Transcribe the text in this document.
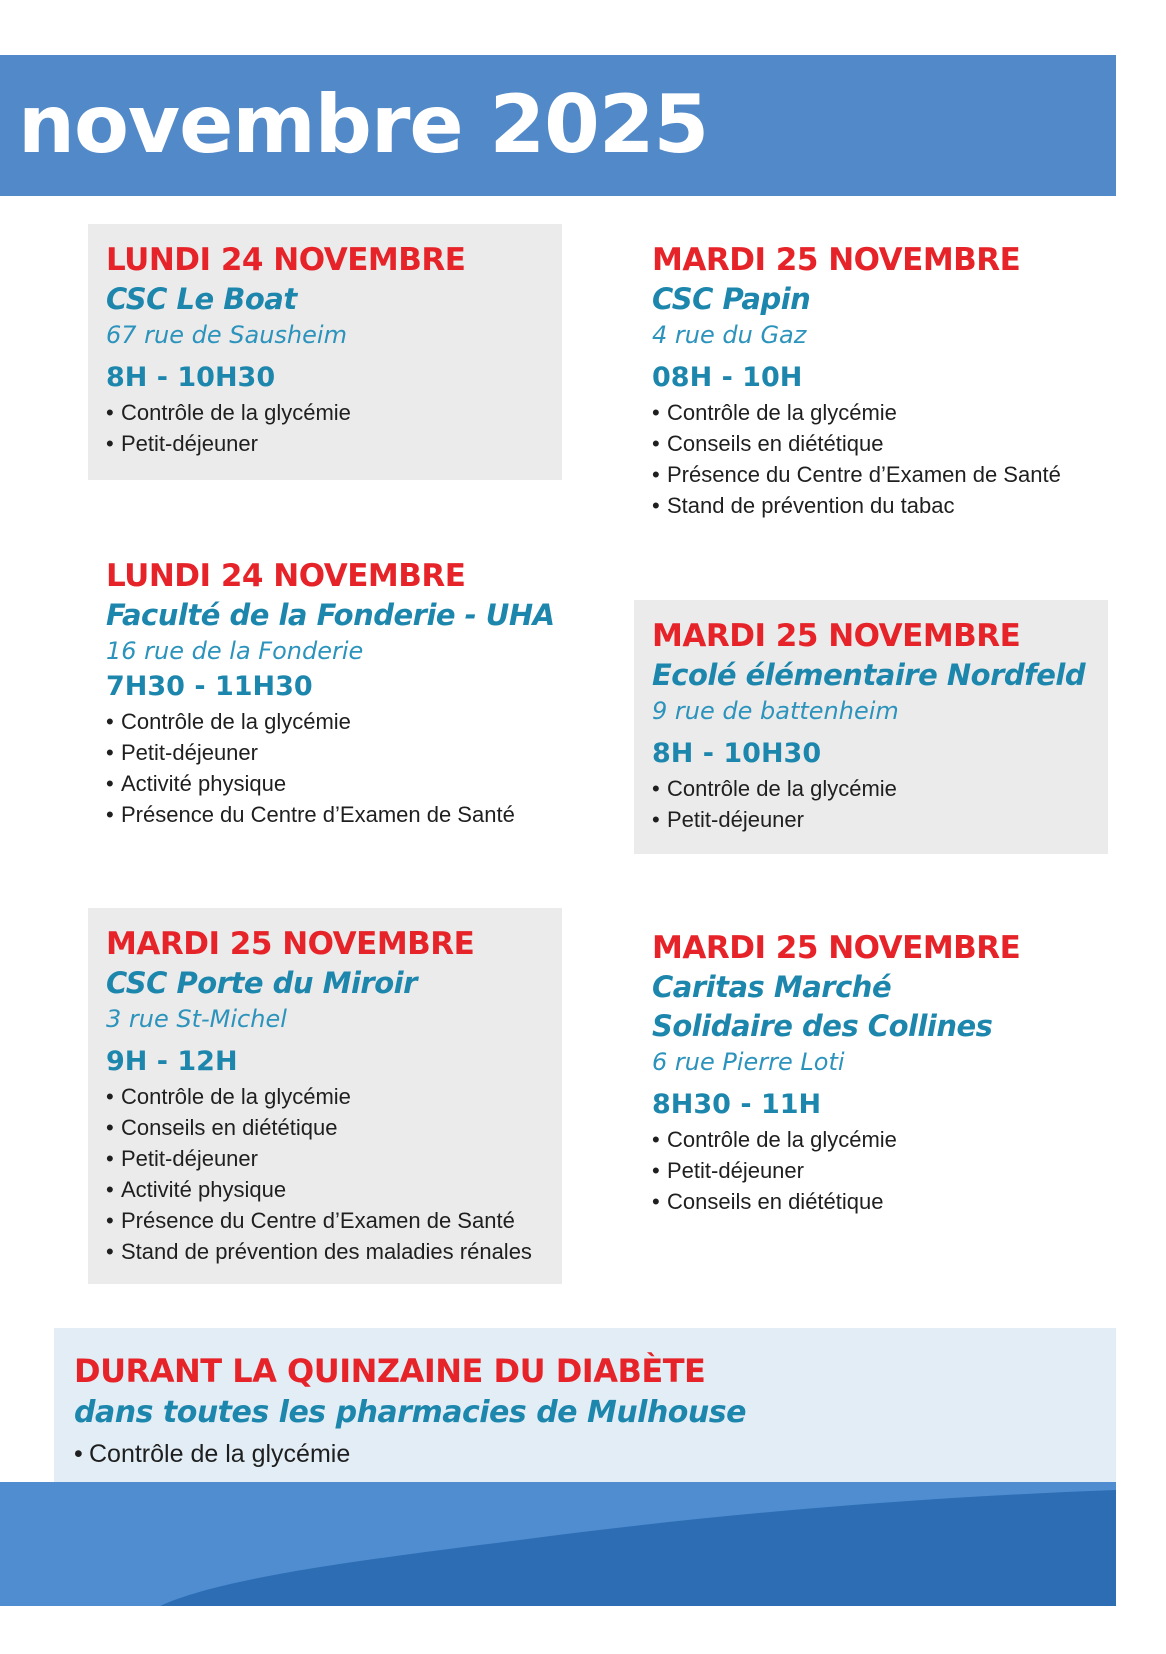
novembre 2025
LUNDI 24 NOVEMBRE
CSC Le Boat
67 rue de Sausheim
8H - 10H30
• Contrôle de la glycémie
• Petit-déjeuner
MARDI 25 NOVEMBRE
CSC Papin
4 rue du Gaz
08H - 10H
• Contrôle de la glycémie
• Conseils en diététique
• Présence du Centre d’Examen de Santé
• Stand de prévention du tabac
LUNDI 24 NOVEMBRE
Faculté de la Fonderie - UHA
16 rue de la Fonderie
7H30 - 11H30
• Contrôle de la glycémie
• Petit-déjeuner
• Activité physique
• Présence du Centre d’Examen de Santé
MARDI 25 NOVEMBRE
Ecolé élémentaire Nordfeld
9 rue de battenheim
8H - 10H30
• Contrôle de la glycémie
• Petit-déjeuner
MARDI 25 NOVEMBRE
CSC Porte du Miroir
3 rue St-Michel
9H - 12H
• Contrôle de la glycémie
• Conseils en diététique
• Petit-déjeuner
• Activité physique
• Présence du Centre d’Examen de Santé
• Stand de prévention des maladies rénales
MARDI 25 NOVEMBRE
Caritas Marché
Solidaire des Collines
6 rue Pierre Loti
8H30 - 11H
• Contrôle de la glycémie
• Petit-déjeuner
• Conseils en diététique
DURANT LA QUINZAINE DU DIABÈTE
dans toutes les pharmacies de Mulhouse
• Contrôle de la glycémie
